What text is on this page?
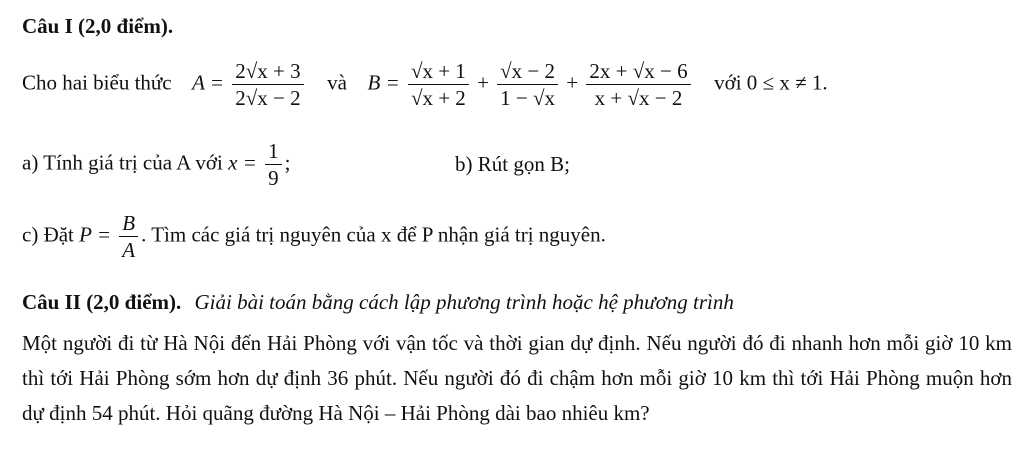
Câu I (2,0 điểm).
Cho hai biểu thức $A = \frac{2√x + 3}{2√x - 2}$ và $B = \frac{√x + 1}{√x + 2} + \frac{√x - 2}{1 - √x} + \frac{2x + √x - 6}{x + √x - 2}$ với 0 ≤ x ≠ 1.
a) Tính giá trị của A với $x = \frac{1}{9}$ ;	b) Rút gọn B;
c) Đặt $P = \frac{B}{A}$ . Tìm các giá trị nguyên của x để P nhận giá trị nguyên.
Câu II (2,0 điểm). Giải bài toán bằng cách lập phương trình hoặc hệ phương trình
Một người đi từ Hà Nội đến Hải Phòng với vận tốc và thời gian dự định. Nếu người đó đi nhanh hơn mỗi giờ 10 km thì tới Hải Phòng sớm hơn dự định 36 phút. Nếu người đó đi chậm hơn mỗi giờ 10 km thì tới Hải Phòng muộn hơn dự định 54 phút. Hỏi quãng đường Hà Nội – Hải Phòng dài bao nhiêu km?
